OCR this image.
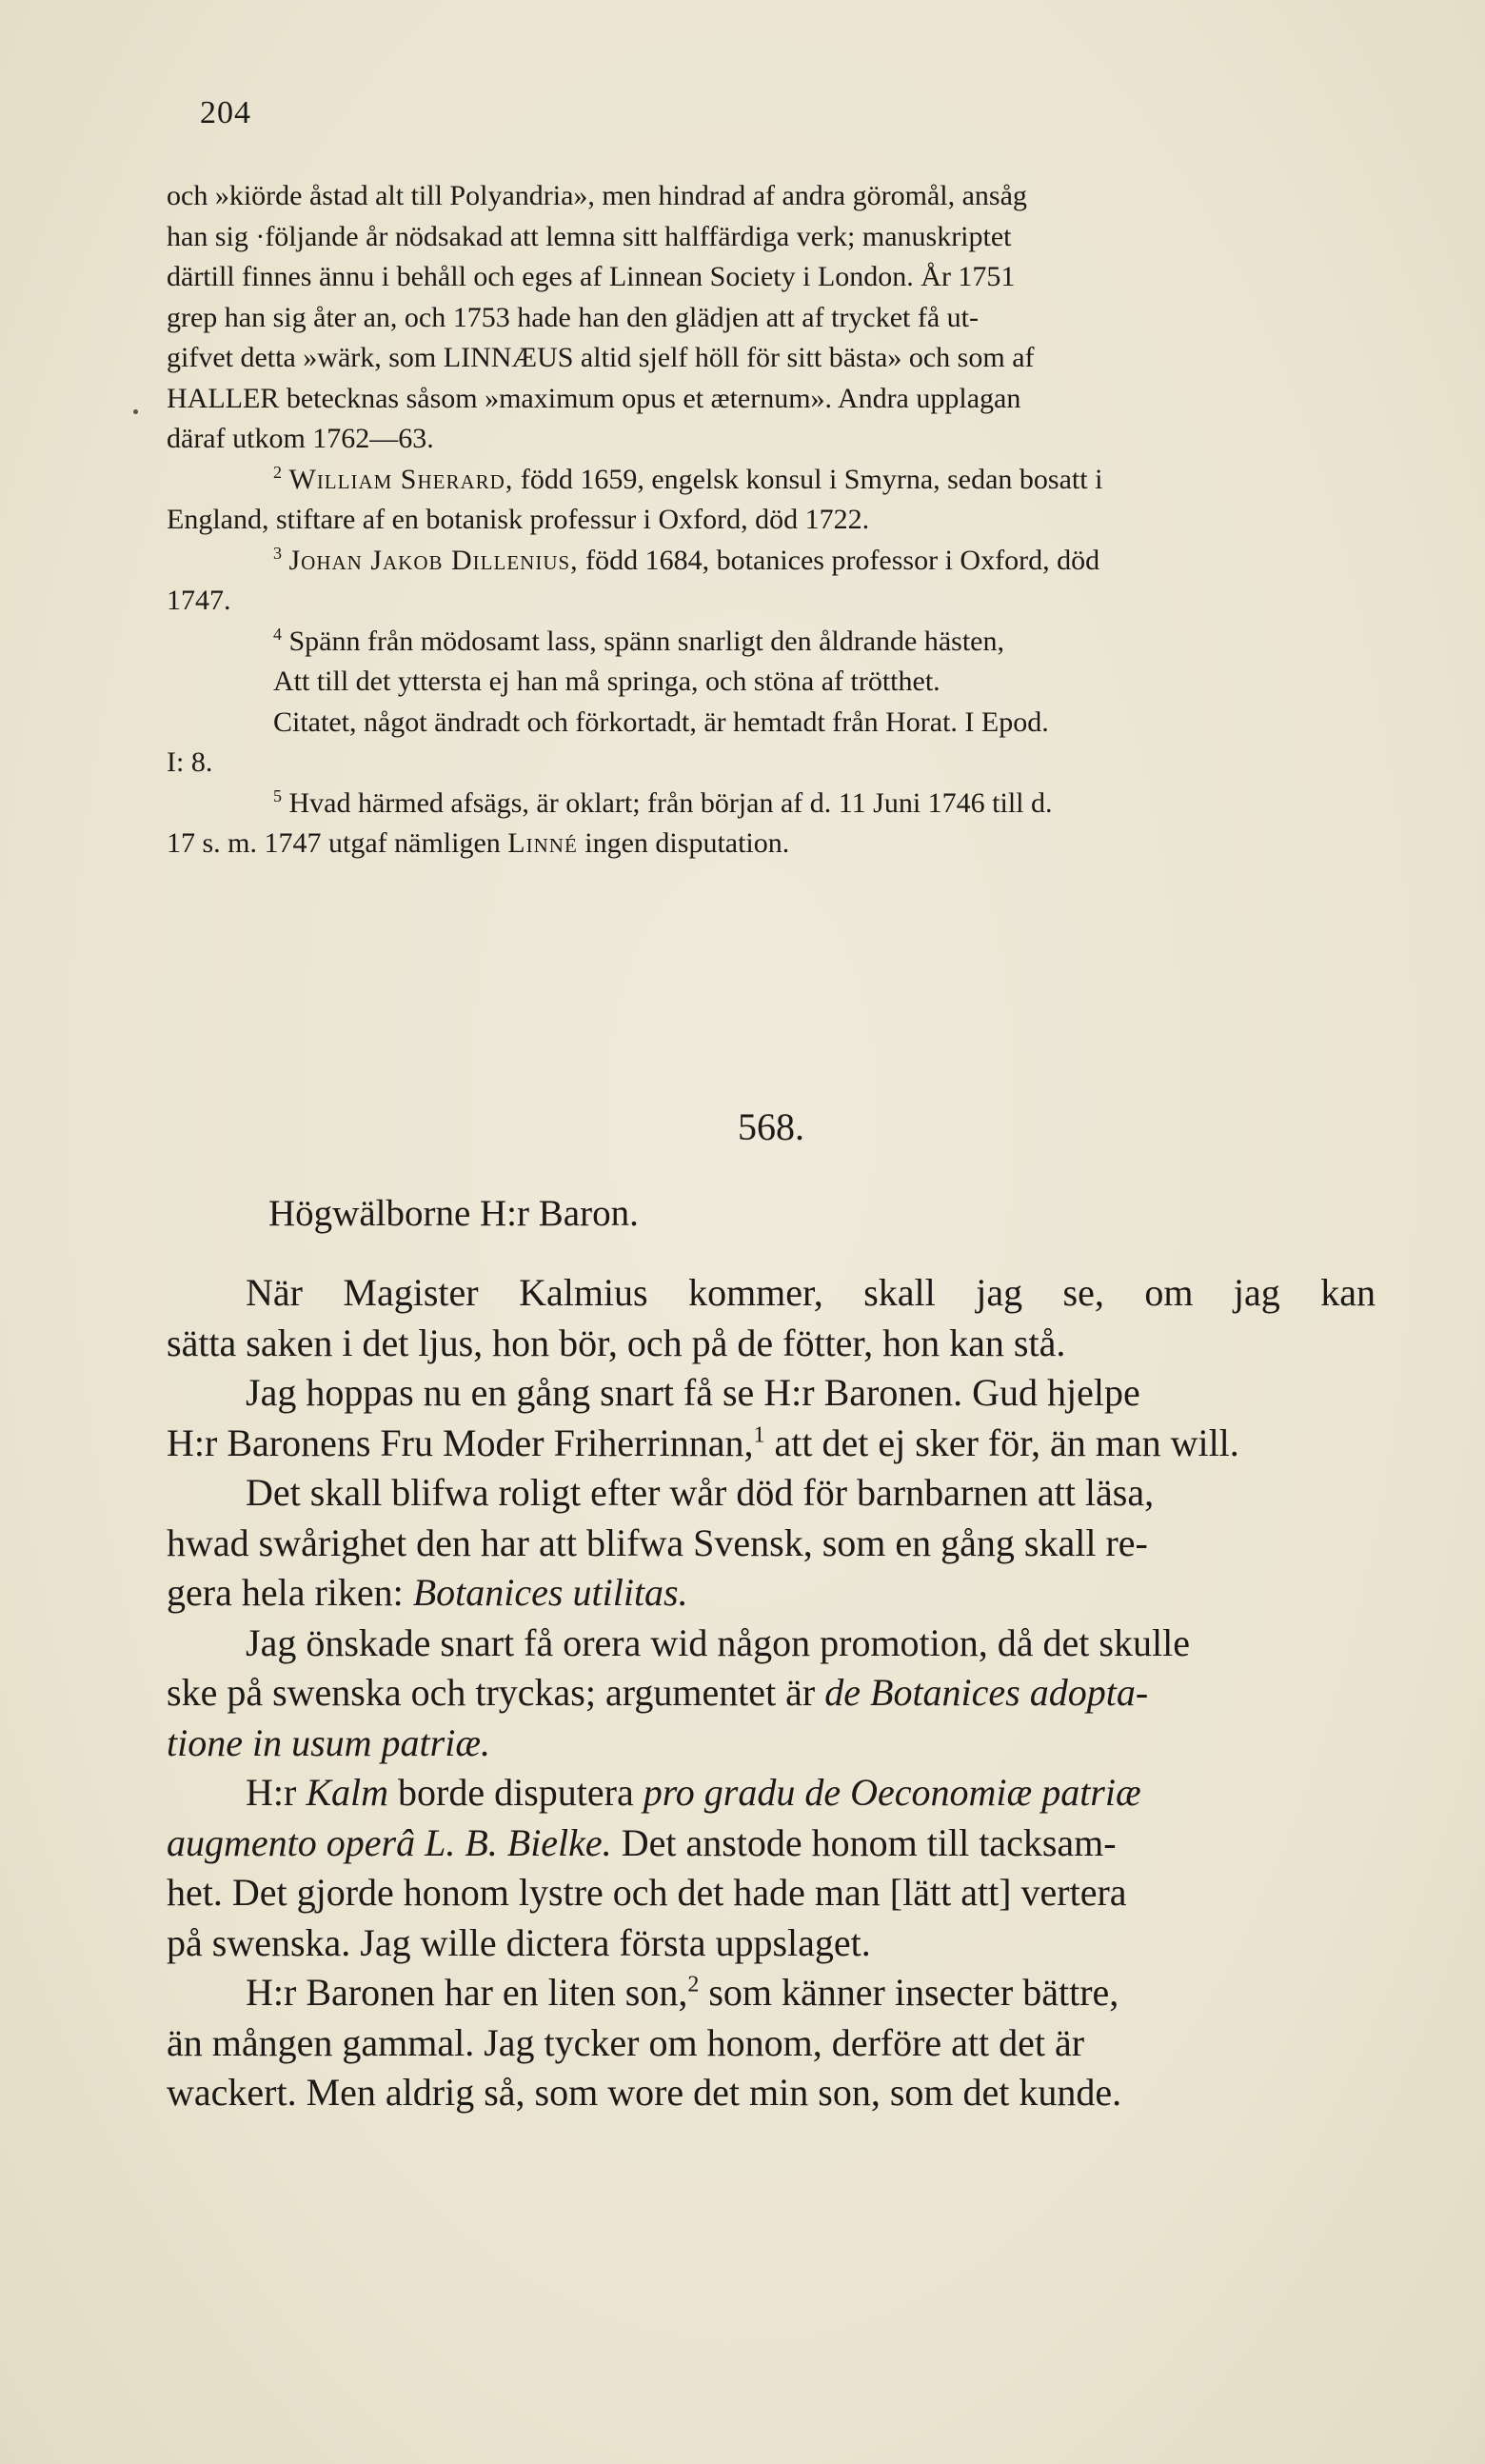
204

och »kiörde åstad alt till Polyandria», men hindrad af andra göromål, ansåg
han sig ·följande år nödsakad att lemna sitt halffärdiga verk; manuskriptet
därtill finnes ännu i behåll och eges af Linnean Society i London. År 1751
grep han sig åter an, och 1753 hade han den glädjen att af trycket få ut-
gifvet detta »wärk, som LINNÆUS altid sjelf höll för sitt bästa» och som af
HALLER betecknas såsom »maximum opus et æternum». Andra upplagan
däraf utkom 1762—63.

$^2$ William Sherard, född 1659, engelsk konsul i Smyrna, sedan bosatt i

England, stiftare af en botanisk professur i Oxford, död 1722.

$^3$ Johan Jakob Dillenius, född 1684, botanices professor i Oxford, död

1747.

$^4$ Spänn från mödosamt lass, spänn snarligt den åldrande hästen,

Att till det yttersta ej han må springa, och stöna af trötthet.

Citatet, något ändradt och förkortadt, är hemtadt från Horat. I Epod.

I: 8.

$^5$ Hvad härmed afsägs, är oklart; från början af d. 11 Juni 1746 till d.

17 s. m. 1747 utgaf nämligen Linné ingen disputation.

568.
Högwälborne H:r Baron.
När Magister Kalmius kommer, skall jag se, om jag kan
sätta saken i det ljus, hon bör, och på de fötter, hon kan stå.
Jag hoppas nu en gång snart få se H:r Baronen. Gud hjelpe
H:r Baronens Fru Moder Friherrinnan,$^1$ att det ej sker för, än man will.
Det skall blifwa roligt efter wår död för barnbarnen att läsa,
hwad swårighet den har att blifwa Svensk, som en gång skall re-
gera hela riken: Botanices utilitas.
Jag önskade snart få orera wid någon promotion, då det skulle
ske på swenska och tryckas; argumentet är de Botanices adopta-
tione in usum patriæ.
H:r Kalm borde disputera pro gradu de Oeconomiæ patriæ
augmento operâ L. B. Bielke. Det anstode honom till tacksam-
het. Det gjorde honom lystre och det hade man [lätt att] vertera
på swenska. Jag wille dictera första uppslaget.
H:r Baronen har en liten son,$^2$ som känner insecter bättre,
än mången gammal. Jag tycker om honom, derföre att det är
wackert. Men aldrig så, som wore det min son, som det kunde.
